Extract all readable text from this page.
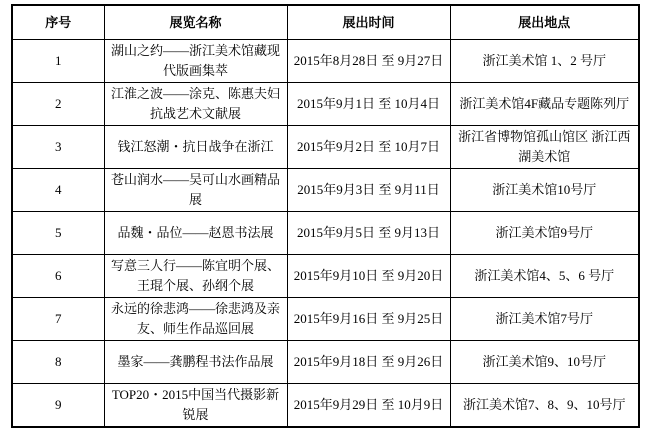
序号	展览名称	展出时间	展出地点
1	湖山之约——浙江美术馆藏现代版画集萃	2015年8月28日 至 9月27日	浙江美术馆 1、2 号厅
2	江淮之波——涂克、陈惠夫妇抗战艺术文献展	2015年9月1日 至 10月4日	浙江美术馆4F藏品专题陈列厅
3	钱江怒潮・抗日战争在浙江	2015年9月2日 至 10月7日	浙江省博物馆孤山馆区 浙江西湖美术馆
4	苍山润水——吴可山水画精品展	2015年9月3日 至 9月11日	浙江美术馆10号厅
5	品魏・品位——赵恩书法展	2015年9月5日 至 9月13日	浙江美术馆9号厅
6	写意三人行——陈宜明个展、王琨个展、孙纲个展	2015年9月10日 至 9月20日	浙江美术馆4、5、6 号厅
7	永远的徐悲鸿——徐悲鸿及亲友、师生作品巡回展	2015年9月16日 至 9月25日	浙江美术馆7号厅
8	墨家——龚鹏程书法作品展	2015年9月18日 至 9月26日	浙江美术馆9、10号厅
9	TOP20・2015中国当代摄影新锐展	2015年9月29日 至 10月9日	浙江美术馆7、8、9、10号厅
